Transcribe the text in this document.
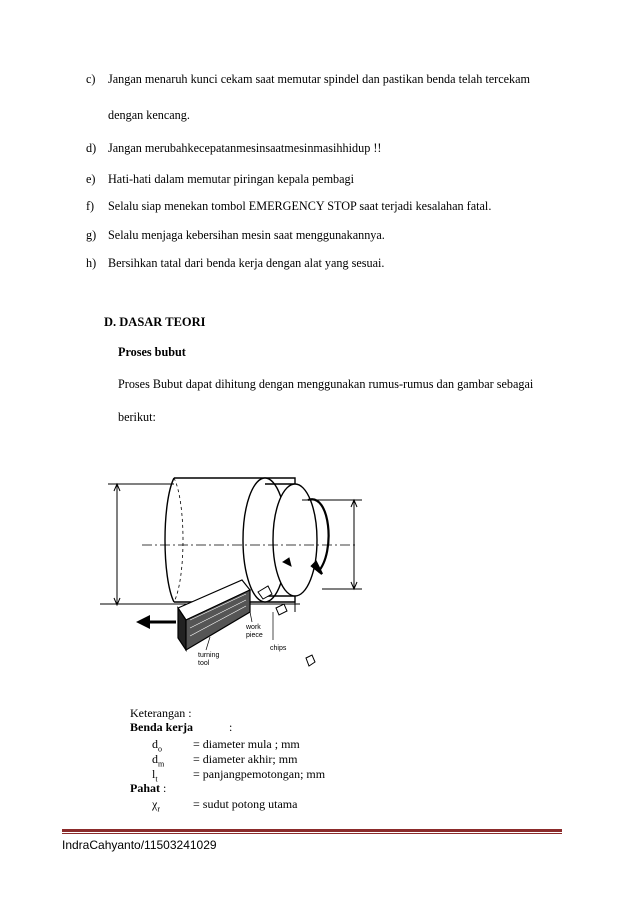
c) Jangan menaruh kunci cekam saat memutar spindel dan pastikan benda telah tercekam
dengan kencang.
d) Jangan merubahkecepatanmesinsaatmesinmasihhidup !!
e) Hati-hati dalam memutar piringan kepala pembagi
f) Selalu siap menekan tombol EMERGENCY STOP saat terjadi kesalahan fatal.
g) Selalu menjaga kebersihan mesin saat menggunakannya.
h) Bersihkan tatal dari benda kerja dengan alat yang sesuai.
D. DASAR TEORI
Proses bubut
Proses Bubut dapat dihitung dengan menggunakan rumus-rumus dan gambar sebagai
berikut:
work
piece
turning
tool
chips
Keterangan :
Benda kerja	:
$d_o$	= diameter mula ; mm
$d_m$ = diameter akhir; mm
$l_t$	= panjangpemotongan; mm
Pahat :
$\chi_r$	= sudut potong utama
IndraCahyanto/11503241029
